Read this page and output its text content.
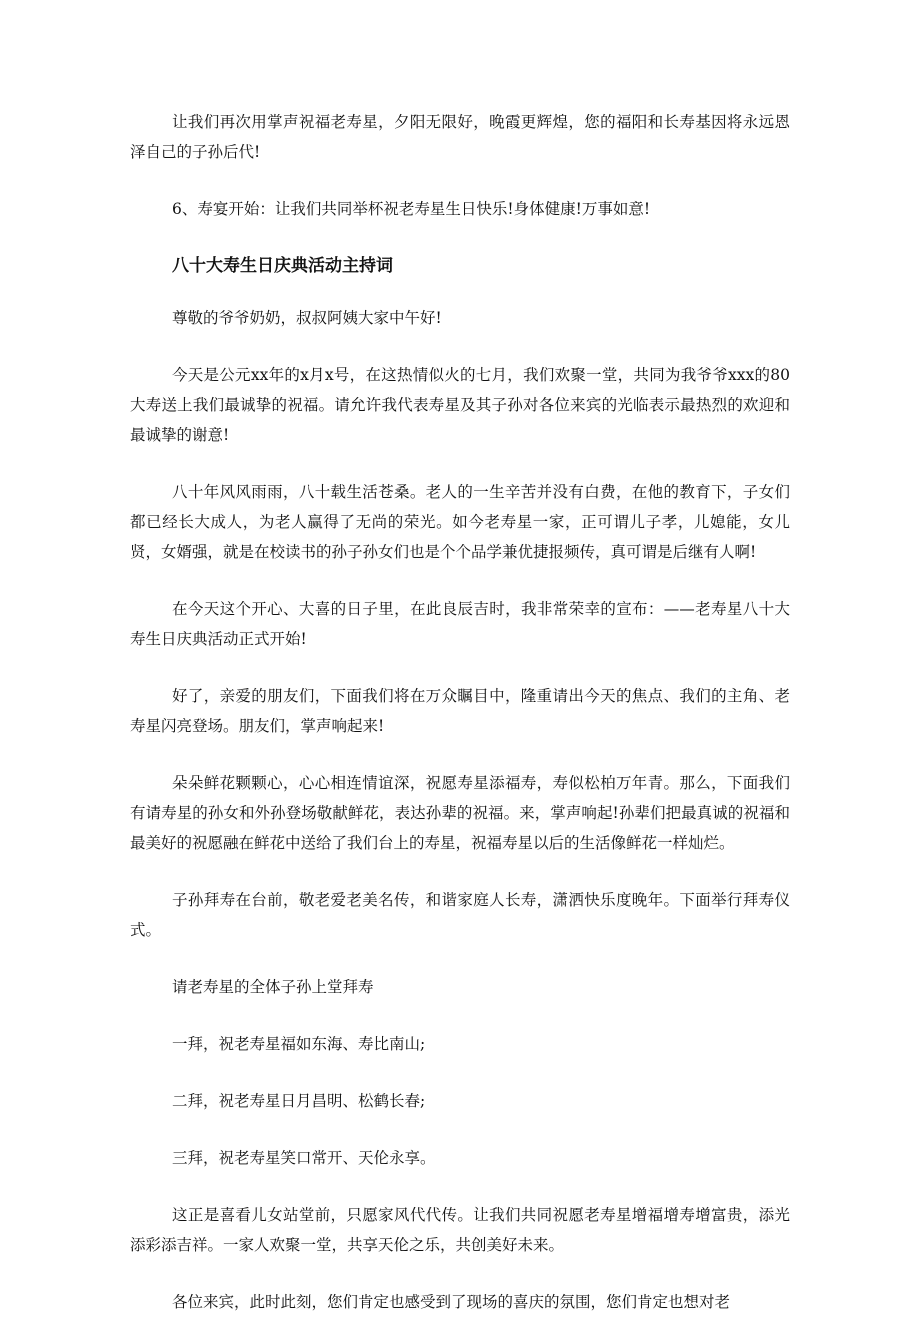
让我们再次用掌声祝福老寿星，夕阳无限好，晚霞更辉煌，您的福阳和长寿基因将永远恩泽自己的子孙后代!

6、寿宴开始：让我们共同举杯祝老寿星生日快乐!身体健康!万事如意!

八十大寿生日庆典活动主持词

尊敬的爷爷奶奶，叔叔阿姨大家中午好!

今天是公元xx年的x月x号，在这热情似火的七月，我们欢聚一堂，共同为我爷爷xxx的80大寿送上我们最诚挚的祝福。请允许我代表寿星及其子孙对各位来宾的光临表示最热烈的欢迎和最诚挚的谢意!

八十年风风雨雨，八十载生活苍桑。老人的一生辛苦并没有白费，在他的教育下，子女们都已经长大成人，为老人赢得了无尚的荣光。如今老寿星一家，正可谓儿子孝，儿媳能，女儿贤，女婿强，就是在校读书的孙子孙女们也是个个品学兼优捷报频传，真可谓是后继有人啊!

在今天这个开心、大喜的日子里，在此良辰吉时，我非常荣幸的宣布：——老寿星八十大寿生日庆典活动正式开始!

好了，亲爱的朋友们，下面我们将在万众瞩目中，隆重请出今天的焦点、我们的主角、老寿星闪亮登场。朋友们，掌声响起来!

朵朵鲜花颗颗心，心心相连情谊深，祝愿寿星添福寿，寿似松柏万年青。那么，下面我们有请寿星的孙女和外孙登场敬献鲜花，表达孙辈的祝福。来，掌声响起!孙辈们把最真诚的祝福和最美好的祝愿融在鲜花中送给了我们台上的寿星，祝福寿星以后的生活像鲜花一样灿烂。

子孙拜寿在台前，敬老爱老美名传，和谐家庭人长寿，潇洒快乐度晚年。下面举行拜寿仪式。

请老寿星的全体子孙上堂拜寿

一拜，祝老寿星福如东海、寿比南山;

二拜，祝老寿星日月昌明、松鹤长春;

三拜，祝老寿星笑口常开、天伦永享。

这正是喜看儿女站堂前，只愿家风代代传。让我们共同祝愿老寿星增福增寿增富贵，添光添彩添吉祥。一家人欢聚一堂，共享天伦之乐，共创美好未来。

各位来宾，此时此刻，您们肯定也感受到了现场的喜庆的氛围，您们肯定也想对老
